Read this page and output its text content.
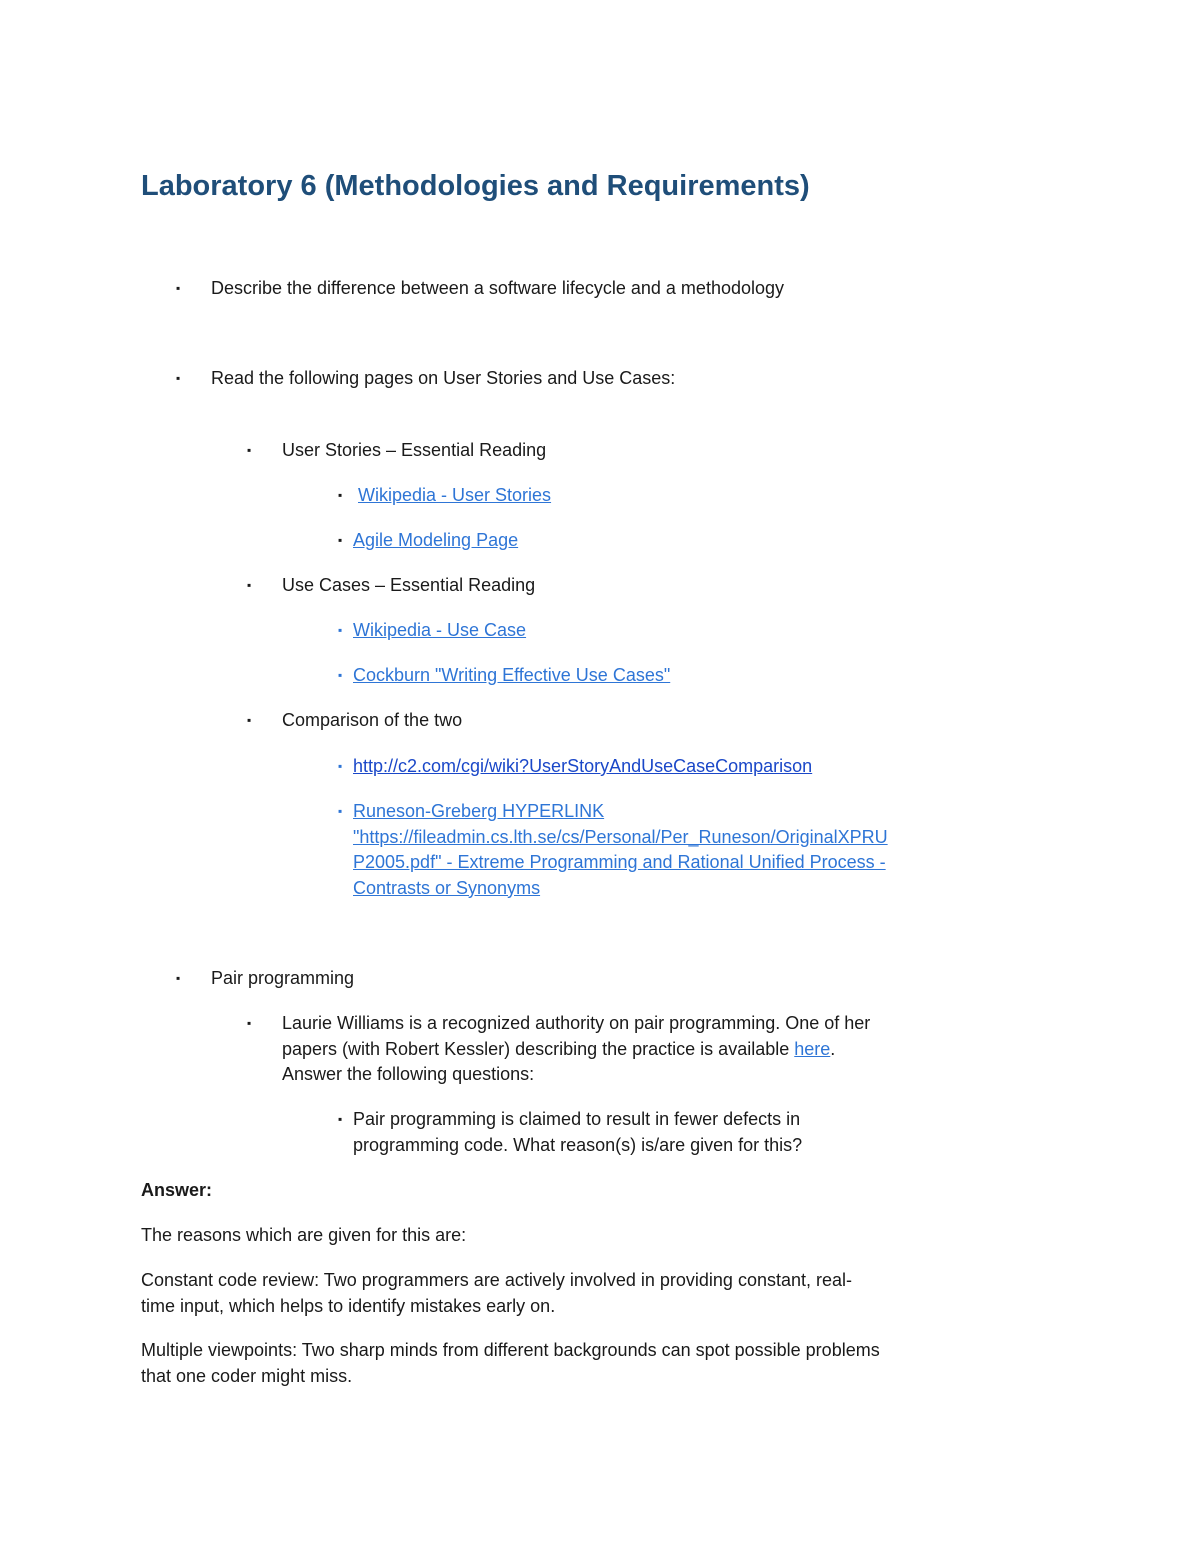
Laboratory 6 (Methodologies and Requirements)
▪ Describe the difference between a software lifecycle and a methodology
▪ Read the following pages on User Stories and Use Cases:
▪ User Stories – Essential Reading
▪ Wikipedia - User Stories
▪ Agile Modeling Page
▪ Use Cases – Essential Reading
▪ Wikipedia - Use Case
▪ Cockburn "Writing Effective Use Cases"
▪ Comparison of the two
▪ http://c2.com/cgi/wiki?UserStoryAndUseCaseComparison
▪ Runeson-Greberg HYPERLINK
"https://fileadmin.cs.lth.se/cs/Personal/Per_Runeson/OriginalXPRU
P2005.pdf" - Extreme Programming and Rational Unified Process -
Contrasts or Synonyms
▪ Pair programming
▪ Laurie Williams is a recognized authority on pair programming. One of her
papers (with Robert Kessler) describing the practice is available here.
Answer the following questions:
▪ Pair programming is claimed to result in fewer defects in
programming code. What reason(s) is/are given for this?
Answer:
The reasons which are given for this are:
Constant code review: Two programmers are actively involved in providing constant, real-
time input, which helps to identify mistakes early on.
Multiple viewpoints: Two sharp minds from different backgrounds can spot possible problems
that one coder might miss.
